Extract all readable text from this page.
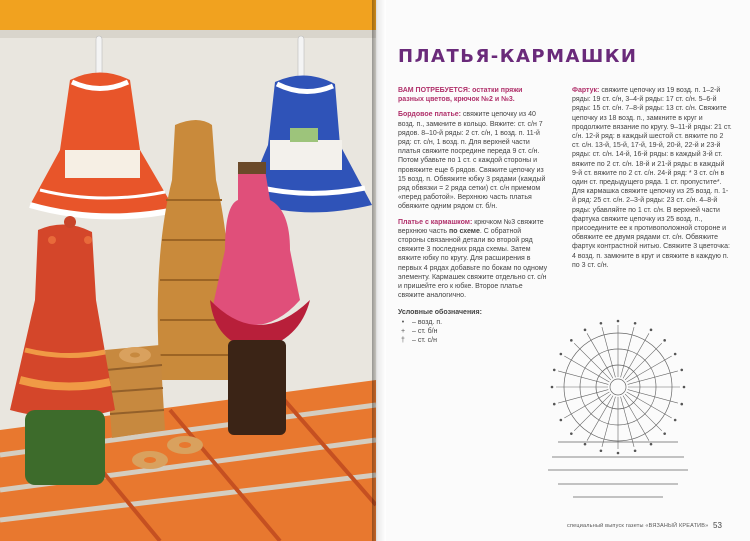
ПЛАТЬЯ-КАРМАШКИ

ВАМ ПОТРЕБУЕТСЯ: остатки пряжи разных цветов, крючок №2 и №3.

Бордовое платье: свяжите цепочку из 40 возд. п., замкните в кольцо. Вяжите: ст. с/н 7 рядов. 8–10-й ряды: 2 ст. с/н, 1 возд. п. 11-й ряд: ст. с/н, 1 возд. п. Для верхней части платья свяжите посредине переда 9 ст. с/н. Потом убавьте по 1 ст. с каждой стороны и провяжите еще 6 рядов. Свяжите цепочку из 15 возд. п. Обвяжите юбку 3 рядами (каждый ряд обвязки = 2 ряда сетки) ст. с/н приемом «перед работой». Верхнюю часть платья обвяжите одним рядом ст. б/н.

Платье с кармашком: крючком №3 свяжите верхнюю часть по схеме. С обратной стороны связанной детали во второй ряд свяжите 3 последних ряда схемы. Затем вяжите юбку по кругу. Для расширения в первых 4 рядах добавьте по бокам по одному элементу. Кармашек свяжите отдельно ст. с/н и пришейте его к юбке. Второе платье свяжите аналогично.

Условные обозначения:
•	– возд. п.
+ – ст. б/н
†	– ст. с/н

Фартук: свяжите цепочку из 19 возд. п. 1–2-й ряды: 19 ст. с/н, 3–4-й ряды: 17 ст. с/н. 5–6-й ряды: 15 ст. с/н. 7–8-й ряды: 13 ст. с/н. Свяжите цепочку из 18 возд. п., замкните в круг и продолжите вязание по кругу. 9–11-й ряды: 21 ст. с/н. 12-й ряд: в каждый шестой ст. вяжите по 2 ст. с/н. 13-й, 15-й, 17-й, 19-й, 20-й, 22-й и 23-й ряды: ст. с/н. 14-й, 16-й ряды: в каждый 3-й ст. вяжите по 2 ст. с/н. 18-й и 21-й ряды: в каждый 9-й ст. вяжите по 2 ст. с/н. 24-й ряд: * 3 ст. с/н в один ст. предыдущего ряда. 1 ст. пропустите*. Для кармашка свяжите цепочку из 25 возд. п. 1-й ряд: 25 ст. с/н. 2–3-й ряды: 23 ст. с/н. 4–8-й ряды: убавляйте по 1 ст. с/н. В верхней части фартука свяжите цепочку из 25 возд. п., присоедините ее к противоположной стороне и обвяжите ее двумя рядами ст. с/н. Обвяжите фартук контрастной нитью. Свяжите 3 цветочка: 4 возд. п. замкните в круг и свяжите в каждую п. по 3 ст. с/н.

специальный выпуск газеты «ВЯЗАНЫЙ КРЕАТИВ» 53
